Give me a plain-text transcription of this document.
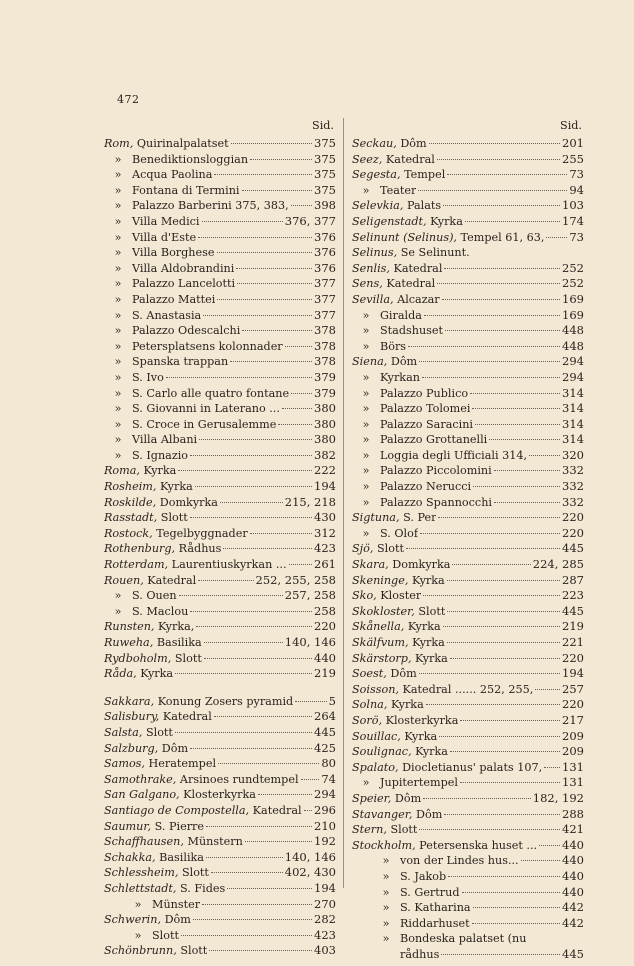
472
Sid.
Rom, Quirinalpalatset	375
» Benediktionsloggian	375
» Acqua Paolina	375
» Fontana di Termini	375
» Palazzo Barberini 375, 383, 398
» Villa Medici	376, 377
» Villa d'Este	376
» Villa Borghese	376
» Villa Aldobrandini	376
» Palazzo Lancelotti	377
» Palazzo Mattei	377
» S. Anastasia	377
» Palazzo Odescalchi	378
» Petersplatsens kolonnader	378
» Spanska trappan	378
» S. Ivo	379
» S. Carlo alle quatro fontane 379
» S. Giovanni in Laterano ...	380
» S. Croce in Gerusalemme	380
» Villa Albani	380
» S. Ignazio	382
Roma, Kyrka	222
Rosheim, Kyrka	194
Roskilde, Domkyrka	215, 218
Rasstadt, Slott	430
Rostock, Tegelbyggnader	312
Rothenburg, Rådhus	423
Rotterdam, Laurentiuskyrkan ... 261
Rouen, Katedral	252, 255, 258
» S. Ouen	257, 258
» S. Maclou	258
Runsten, Kyrka,	220
Ruweha, Basilika	140, 146
Rydboholm, Slott	440
Råda, Kyrka	219
Sakkara, Konung Zosers pyramid	5
Salisbury, Katedral	264
Salsta, Slott	445
Salzburg, Dôm	425
Samos, Heratempel	80
Samothrake, Arsinoes rundtempel 74
San Galgano, Klosterkyrka	294
Santiago de Compostella, Katedral 296
Saumur, S. Pierre	210
Schaffhausen, Münstern	192
Schakka, Basilika	140, 146
Schlessheim, Slott	402, 430
Schlettstadt, S. Fides	194
» Münster	270
Schwerin, Dôm	282
» Slott	423
Schönbrunn, Slott	403
Sid.
Seckau, Dôm	201
Seez, Katedral	255
Segesta, Tempel	73
» Teater	94
Selevkia, Palats	103
Seligenstadt, Kyrka	174
Selinunt (Selinus), Tempel 61, 63, 73
Selinus, Se Selinunt.
Senlis, Katedral	252
Sens, Katedral	252
Sevilla, Alcazar	169
» Giralda	169
» Stadshuset	448
» Börs	448
Siena, Dôm	294
» Kyrkan	294
» Palazzo Publico	314
» Palazzo Tolomei	314
» Palazzo Saracini	314
» Palazzo Grottanelli	314
» Loggia degli Ufficiali 314,	320
» Palazzo Piccolomini	332
» Palazzo Nerucci	332
» Palazzo Spannocchi	332
Sigtuna, S. Per	220
» S. Olof	220
Sjö, Slott	445
Skara, Domkyrka	224, 285
Skeninge, Kyrka	287
Sko, Kloster	223
Skokloster, Slott	445
Skånella, Kyrka	219
Skälfvum, Kyrka	221
Skärstorp, Kyrka	220
Soest, Dôm	194
Soisson, Katedral ...... 252, 255,	257
Solna, Kyrka	220
Sorö, Klosterkyrka	217
Souillac, Kyrka	209
Soulignac, Kyrka	209
Spalato, Diocletianus' palats 107, 131
» Jupitertempel	131
Speier, Dôm	182, 192
Stavanger, Dôm	288
Stern, Slott	421
Stockholm, Petersenska huset ... 440
» von der Lindes hus...	440
» S. Jakob	440
» S. Gertrud	440
» S. Katharina	442
» Riddarhuset	442
» Bondeska palatset (nu
rådhus	445
